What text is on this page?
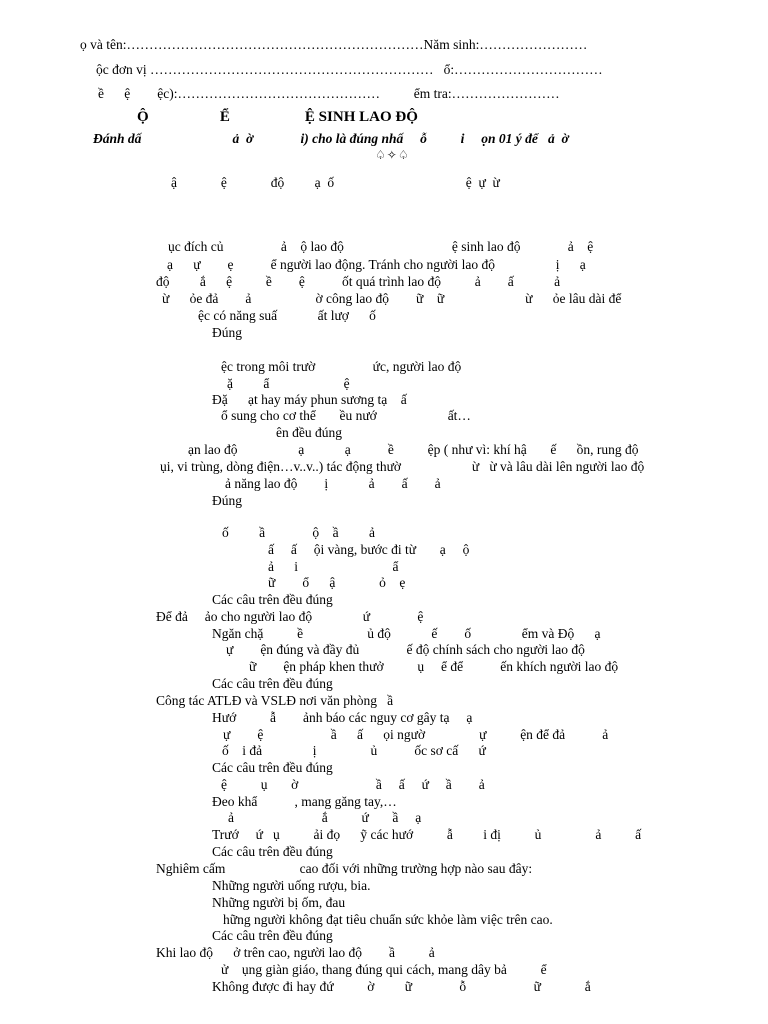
ọ và tên:…………………………………………………………Năm sinh:……………………
ộc đơn vị ………………………………………………………   ổ:……………………………
ề      ệ        ệc):………………………………………          ểm tra:……………………
Ộ                   Ể                    Ệ SINH LAO ĐỘ
Đánh dấ                           ả  ờ              i) cho là đúng nhấ     ỗ          i     ọn 01 ý để   ả  ờ
♤✧♤
ậ             ệ             độ         ạ  ố                                       ệ  ự  ừ
ục đích củ                 ả    ộ lao độ                                ệ sinh lao độ              ả    ệ
ạ      ự        ẹ           ể người lao động. Tránh cho người lao độ                  ị      ạ
độ         ắ      ệ          ề        ệ           ốt quá trình lao độ          ả        ấ            ả
ừ      ỏe đả        ả                   ờ công lao độ        ữ    ữ                        ừ      ỏe lâu dài để
ệc có năng suấ            ất lượ      ố
Đúng
ệc trong môi trườ                 ức, người lao độ
ặ         ẩ                      ệ
Đặ      ạt hay máy phun sương tạ    ấ
ổ sung cho cơ thể       ều nướ                     ất…
ên đều đúng
ạn lao độ                  ạ            ạ           ề          ệp ( như vì: khí hậ       ế      ồn, rung độ
ụi, vi trùng, dòng điện…v..v..) tác động thườ                     ừ   ừ và lâu dài lên người lao độ
ả năng lao độ        ị            ả        ấ        ả
Đúng
ố         ầ              ộ    ầ         ả
ấ     ấ     ội vàng, bước đi từ       ạ     ộ
ả      i                            ẩ
ữ        ổ      ậ             ỏ    ẹ
Các câu trên đều đúng
Để đả     ảo cho người lao độ               ứ              ệ
Ngăn chặ          ề                   ủ độ            ế        ố               ểm và Độ      ạ
ự        ện đúng và đầy đủ              ế độ chính sách cho người lao độ
ữ        ện pháp khen thưở          ụ     ể để           ến khích người lao độ
Các câu trên đều đúng
Công tác ATLĐ và VSLĐ nơi văn phòng   ầ
Hướ          ẫ        ảnh báo các nguy cơ gây tạ     ạ
ự        ệ                    ầ      ấ      ọi ngườ                ự          ện để đả           ả
ố    i đả               ị                ủ           ốc sơ cấ      ứ
Các câu trên đều đúng
ệ          ụ       ờ                       ầ     ấ     ứ     ầ        ả
Đeo khẩ           , mang găng tay,…
ả                          ắ          ứ       ầ     ạ
Trướ     ứ   ụ          ải đọ      ỹ các hướ          ẫ         i đị          ủ                ả          ấ
Các câu trên đều đúng
Nghiêm cấm                      cao đối với những trường hợp nào sau đây:
Những người uống rượu, bia.
Những người bị ốm, đau
hững người không đạt tiêu chuẩn sức khỏe làm việc trên cao.
Các câu trên đều đúng
Khi lao độ      ở trên cao, người lao độ        ầ          ả
ử    ụng giàn giáo, thang đúng qui cách, mang dây bả          ể
Không được đi hay đứ          ờ         ữ              ỗ                    ữ             ắ
